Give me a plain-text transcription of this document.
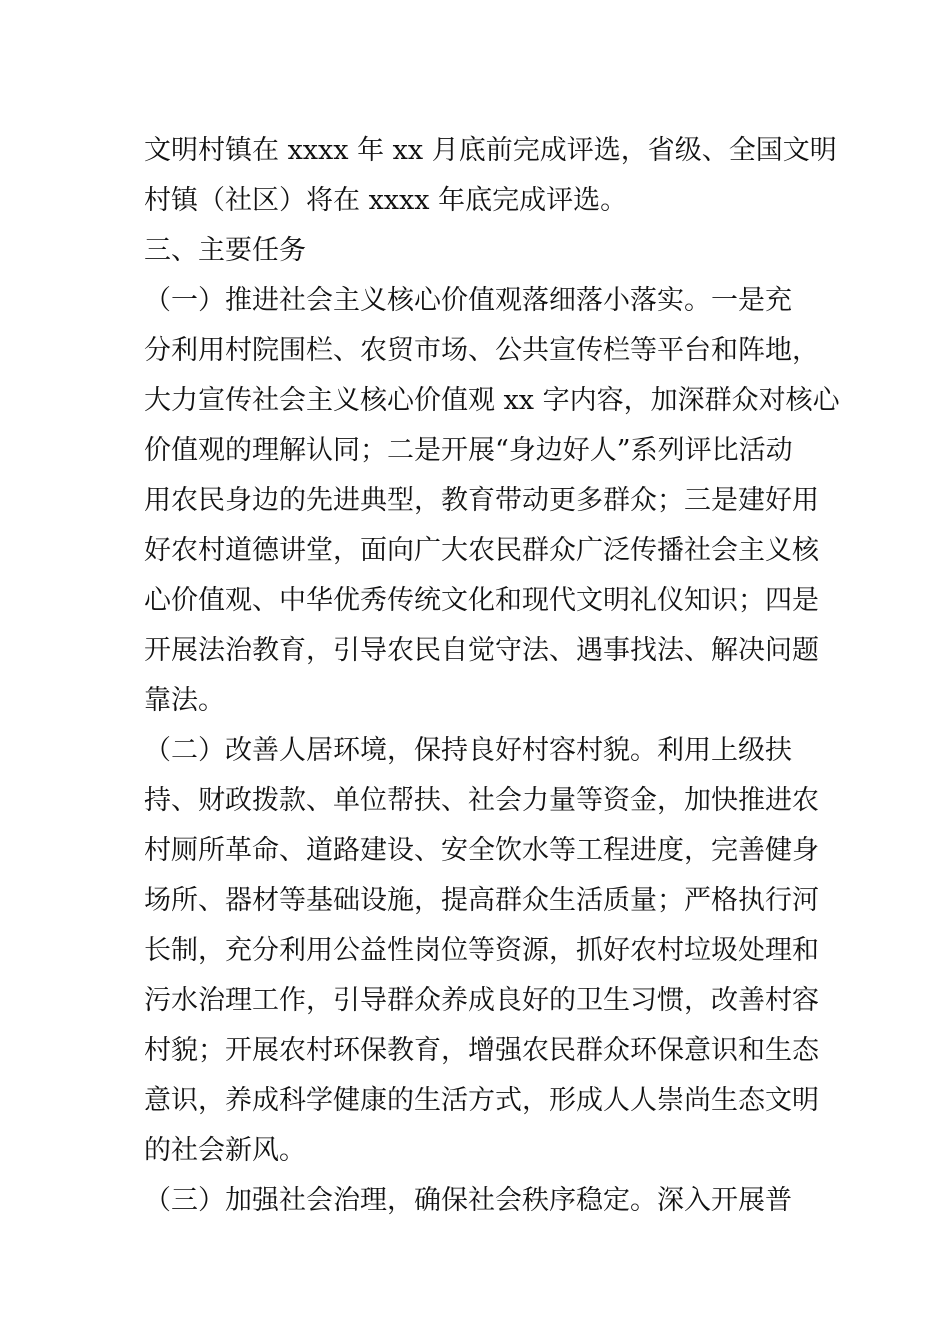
文明村镇在 xxxx 年 xx 月底前完成评选，省级、全国文明
村镇（社区）将在 xxxx 年底完成评选。
三、主要任务
（一）推进社会主义核心价值观落细落小落实。一是充
分利用村院围栏、农贸市场、公共宣传栏等平台和阵地，
大力宣传社会主义核心价值观 xx 字内容，加深群众对核心
价值观的理解认同；二是开展“身边好人”系列评比活动
用农民身边的先进典型，教育带动更多群众；三是建好用
好农村道德讲堂，面向广大农民群众广泛传播社会主义核
心价值观、中华优秀传统文化和现代文明礼仪知识；四是
开展法治教育，引导农民自觉守法、遇事找法、解决问题
靠法。
（二）改善人居环境，保持良好村容村貌。利用上级扶
持、财政拨款、单位帮扶、社会力量等资金，加快推进农
村厕所革命、道路建设、安全饮水等工程进度，完善健身
场所、器材等基础设施，提高群众生活质量；严格执行河
长制，充分利用公益性岗位等资源，抓好农村垃圾处理和
污水治理工作，引导群众养成良好的卫生习惯，改善村容
村貌；开展农村环保教育，增强农民群众环保意识和生态
意识，养成科学健康的生活方式，形成人人崇尚生态文明
的社会新风。
（三）加强社会治理，确保社会秩序稳定。深入开展普
